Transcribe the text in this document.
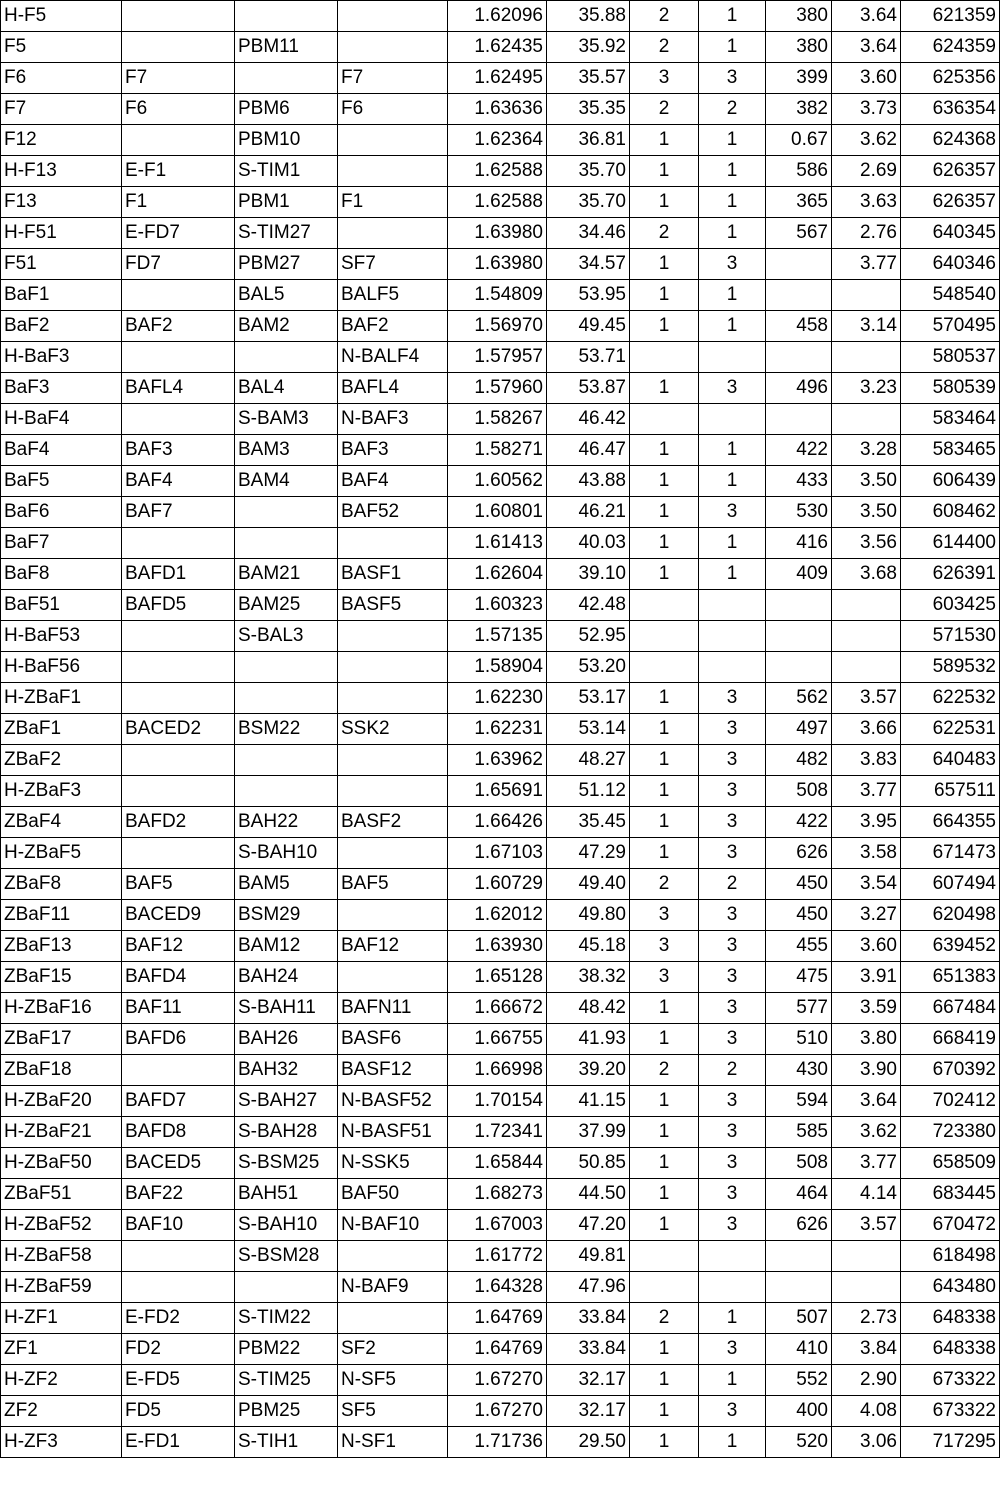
H-F5				1.62096	35.88	2	1	380	3.64	621359
F5		PBM11		1.62435	35.92	2	1	380	3.64	624359
F6	F7		F7	1.62495	35.57	3	3	399	3.60	625356
F7	F6	PBM6	F6	1.63636	35.35	2	2	382	3.73	636354
F12		PBM10		1.62364	36.81	1	1	0.67	3.62	624368
H-F13	E-F1	S-TIM1		1.62588	35.70	1	1	586	2.69	626357
F13	F1	PBM1	F1	1.62588	35.70	1	1	365	3.63	626357
H-F51	E-FD7	S-TIM27		1.63980	34.46	2	1	567	2.76	640345
F51	FD7	PBM27	SF7	1.63980	34.57	1	3		3.77	640346
BaF1		BAL5	BALF5	1.54809	53.95	1	1			548540
BaF2	BAF2	BAM2	BAF2	1.56970	49.45	1	1	458	3.14	570495
H-BaF3			N-BALF4	1.57957	53.71					580537
BaF3	BAFL4	BAL4	BAFL4	1.57960	53.87	1	3	496	3.23	580539
H-BaF4		S-BAM3	N-BAF3	1.58267	46.42					583464
BaF4	BAF3	BAM3	BAF3	1.58271	46.47	1	1	422	3.28	583465
BaF5	BAF4	BAM4	BAF4	1.60562	43.88	1	1	433	3.50	606439
BaF6	BAF7		BAF52	1.60801	46.21	1	3	530	3.50	608462
BaF7				1.61413	40.03	1	1	416	3.56	614400
BaF8	BAFD1	BAM21	BASF1	1.62604	39.10	1	1	409	3.68	626391
BaF51	BAFD5	BAM25	BASF5	1.60323	42.48					603425
H-BaF53		S-BAL3		1.57135	52.95					571530
H-BaF56				1.58904	53.20					589532
H-ZBaF1				1.62230	53.17	1	3	562	3.57	622532
ZBaF1	BACED2	BSM22	SSK2	1.62231	53.14	1	3	497	3.66	622531
ZBaF2				1.63962	48.27	1	3	482	3.83	640483
H-ZBaF3				1.65691	51.12	1	3	508	3.77	657511
ZBaF4	BAFD2	BAH22	BASF2	1.66426	35.45	1	3	422	3.95	664355
H-ZBaF5		S-BAH10		1.67103	47.29	1	3	626	3.58	671473
ZBaF8	BAF5	BAM5	BAF5	1.60729	49.40	2	2	450	3.54	607494
ZBaF11	BACED9	BSM29		1.62012	49.80	3	3	450	3.27	620498
ZBaF13	BAF12	BAM12	BAF12	1.63930	45.18	3	3	455	3.60	639452
ZBaF15	BAFD4	BAH24		1.65128	38.32	3	3	475	3.91	651383
H-ZBaF16	BAF11	S-BAH11	BAFN11	1.66672	48.42	1	3	577	3.59	667484
ZBaF17	BAFD6	BAH26	BASF6	1.66755	41.93	1	3	510	3.80	668419
ZBaF18		BAH32	BASF12	1.66998	39.20	2	2	430	3.90	670392
H-ZBaF20	BAFD7	S-BAH27	N-BASF52	1.70154	41.15	1	3	594	3.64	702412
H-ZBaF21	BAFD8	S-BAH28	N-BASF51	1.72341	37.99	1	3	585	3.62	723380
H-ZBaF50	BACED5	S-BSM25	N-SSK5	1.65844	50.85	1	3	508	3.77	658509
ZBaF51	BAF22	BAH51	BAF50	1.68273	44.50	1	3	464	4.14	683445
H-ZBaF52	BAF10	S-BAH10	N-BAF10	1.67003	47.20	1	3	626	3.57	670472
H-ZBaF58		S-BSM28		1.61772	49.81					618498
H-ZBaF59			N-BAF9	1.64328	47.96					643480
H-ZF1	E-FD2	S-TIM22		1.64769	33.84	2	1	507	2.73	648338
ZF1	FD2	PBM22	SF2	1.64769	33.84	1	3	410	3.84	648338
H-ZF2	E-FD5	S-TIM25	N-SF5	1.67270	32.17	1	1	552	2.90	673322
ZF2	FD5	PBM25	SF5	1.67270	32.17	1	3	400	4.08	673322
H-ZF3	E-FD1	S-TIH1	N-SF1	1.71736	29.50	1	1	520	3.06	717295
